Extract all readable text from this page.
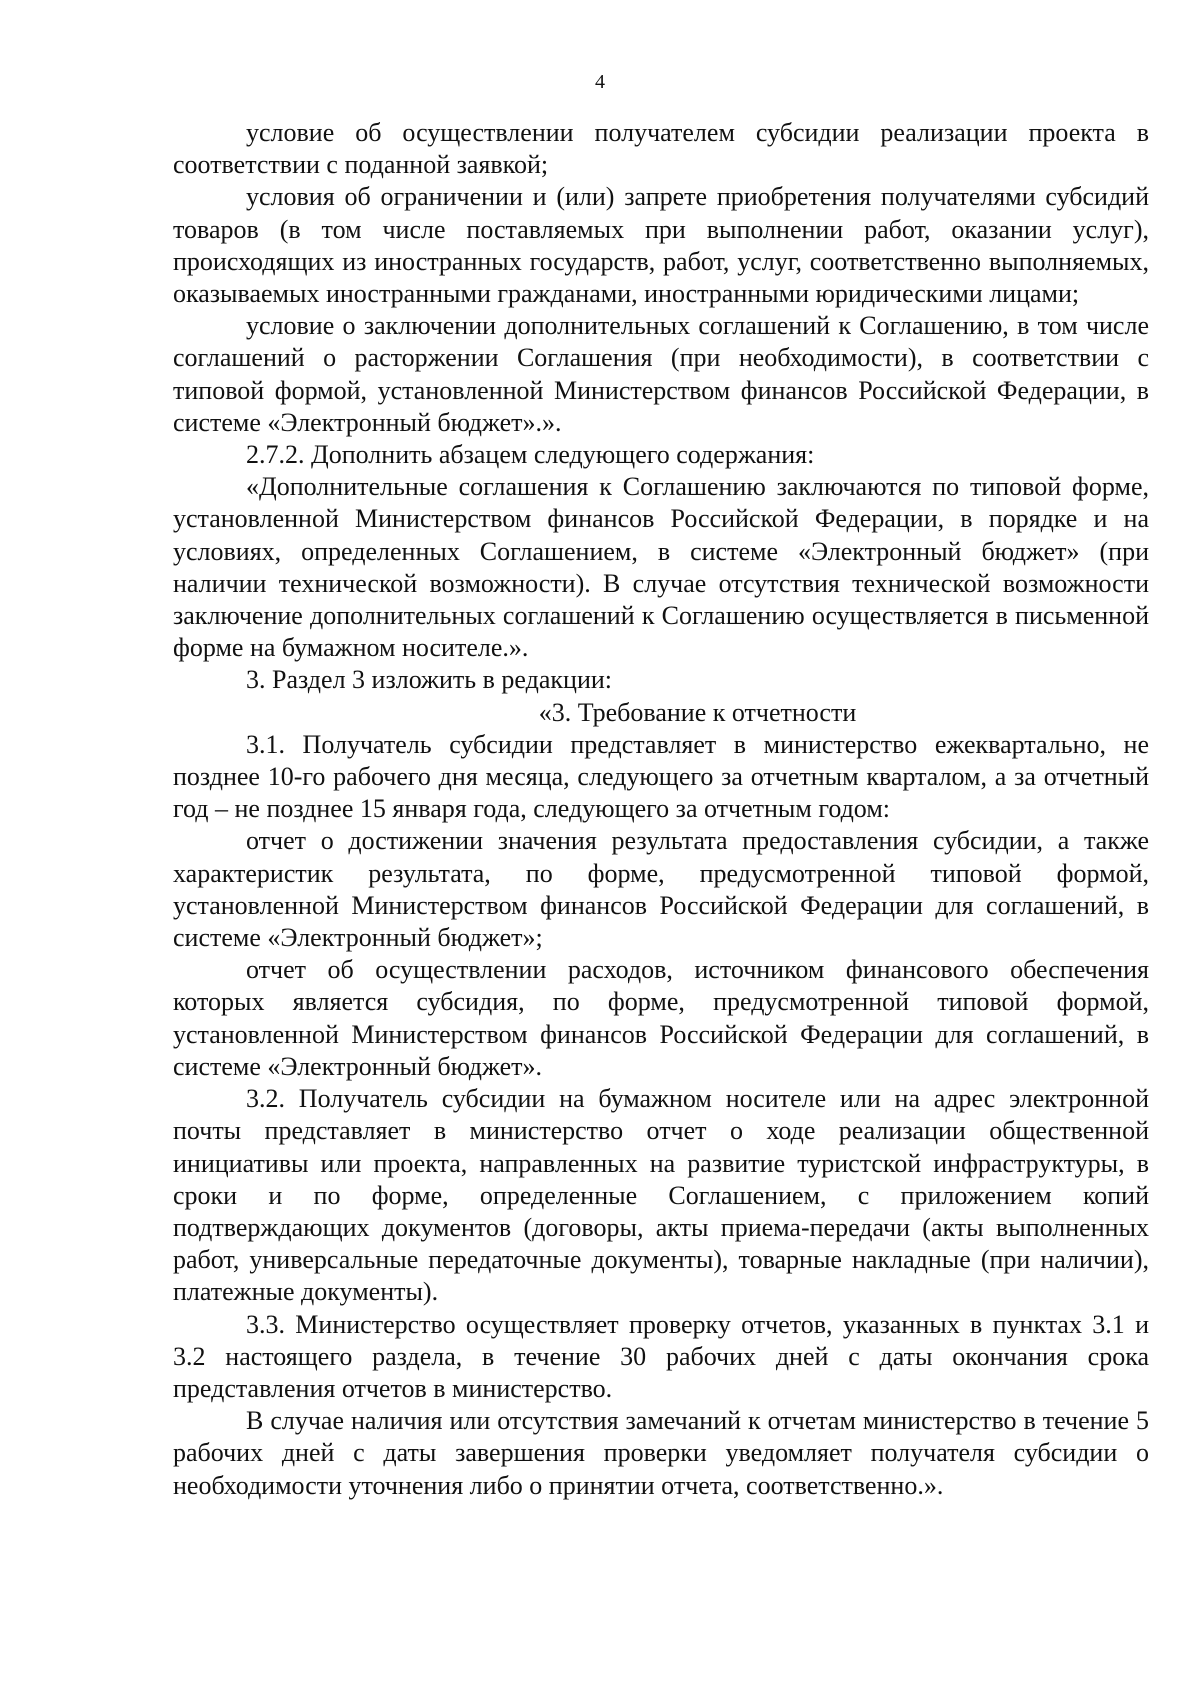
4

условие об осуществлении получателем субсидии реализации проекта в соответствии с поданной заявкой;

условия об ограничении и (или) запрете приобретения получателями субсидий товаров (в том числе поставляемых при выполнении работ, оказании услуг), происходящих из иностранных государств, работ, услуг, соответственно выполняемых, оказываемых иностранными гражданами, иностранными юридическими лицами;

условие о заключении дополнительных соглашений к Соглашению, в том числе соглашений о расторжении Соглашения (при необходимости), в соответствии с типовой формой, установленной Министерством финансов Российской Федерации, в системе «Электронный бюджет».».

2.7.2. Дополнить абзацем следующего содержания:

«Дополнительные соглашения к Соглашению заключаются по типовой форме, установленной Министерством финансов Российской Федерации, в порядке и на условиях, определенных Соглашением, в системе «Электронный бюджет» (при наличии технической возможности). В случае отсутствия технической возможности заключение дополнительных соглашений к Соглашению осуществляется в письменной форме на бумажном носителе.».

3. Раздел 3 изложить в редакции:

«3. Требование к отчетности

3.1. Получатель субсидии представляет в министерство ежеквартально, не позднее 10-го рабочего дня месяца, следующего за отчетным кварталом, а за отчетный год – не позднее 15 января года, следующего за отчетным годом:

отчет о достижении значения результата предоставления субсидии, а также характеристик результата, по форме, предусмотренной типовой формой, установленной Министерством финансов Российской Федерации для соглашений, в системе «Электронный бюджет»;

отчет об осуществлении расходов, источником финансового обеспечения которых является субсидия, по форме, предусмотренной типовой формой, установленной Министерством финансов Российской Федерации для соглашений, в системе «Электронный бюджет».

3.2. Получатель субсидии на бумажном носителе или на адрес электронной почты представляет в министерство отчет о ходе реализации общественной инициативы или проекта, направленных на развитие туристской инфраструктуры, в сроки и по форме, определенные Соглашением, с приложением копий подтверждающих документов (договоры, акты приема-передачи (акты выполненных работ, универсальные передаточные документы), товарные накладные (при наличии), платежные документы).

3.3. Министерство осуществляет проверку отчетов, указанных в пунктах 3.1 и 3.2 настоящего раздела, в течение 30 рабочих дней с даты окончания срока представления отчетов в министерство.

В случае наличия или отсутствия замечаний к отчетам министерство в течение 5 рабочих дней с даты завершения проверки уведомляет получателя субсидии о необходимости уточнения либо о принятии отчета, соответственно.».
